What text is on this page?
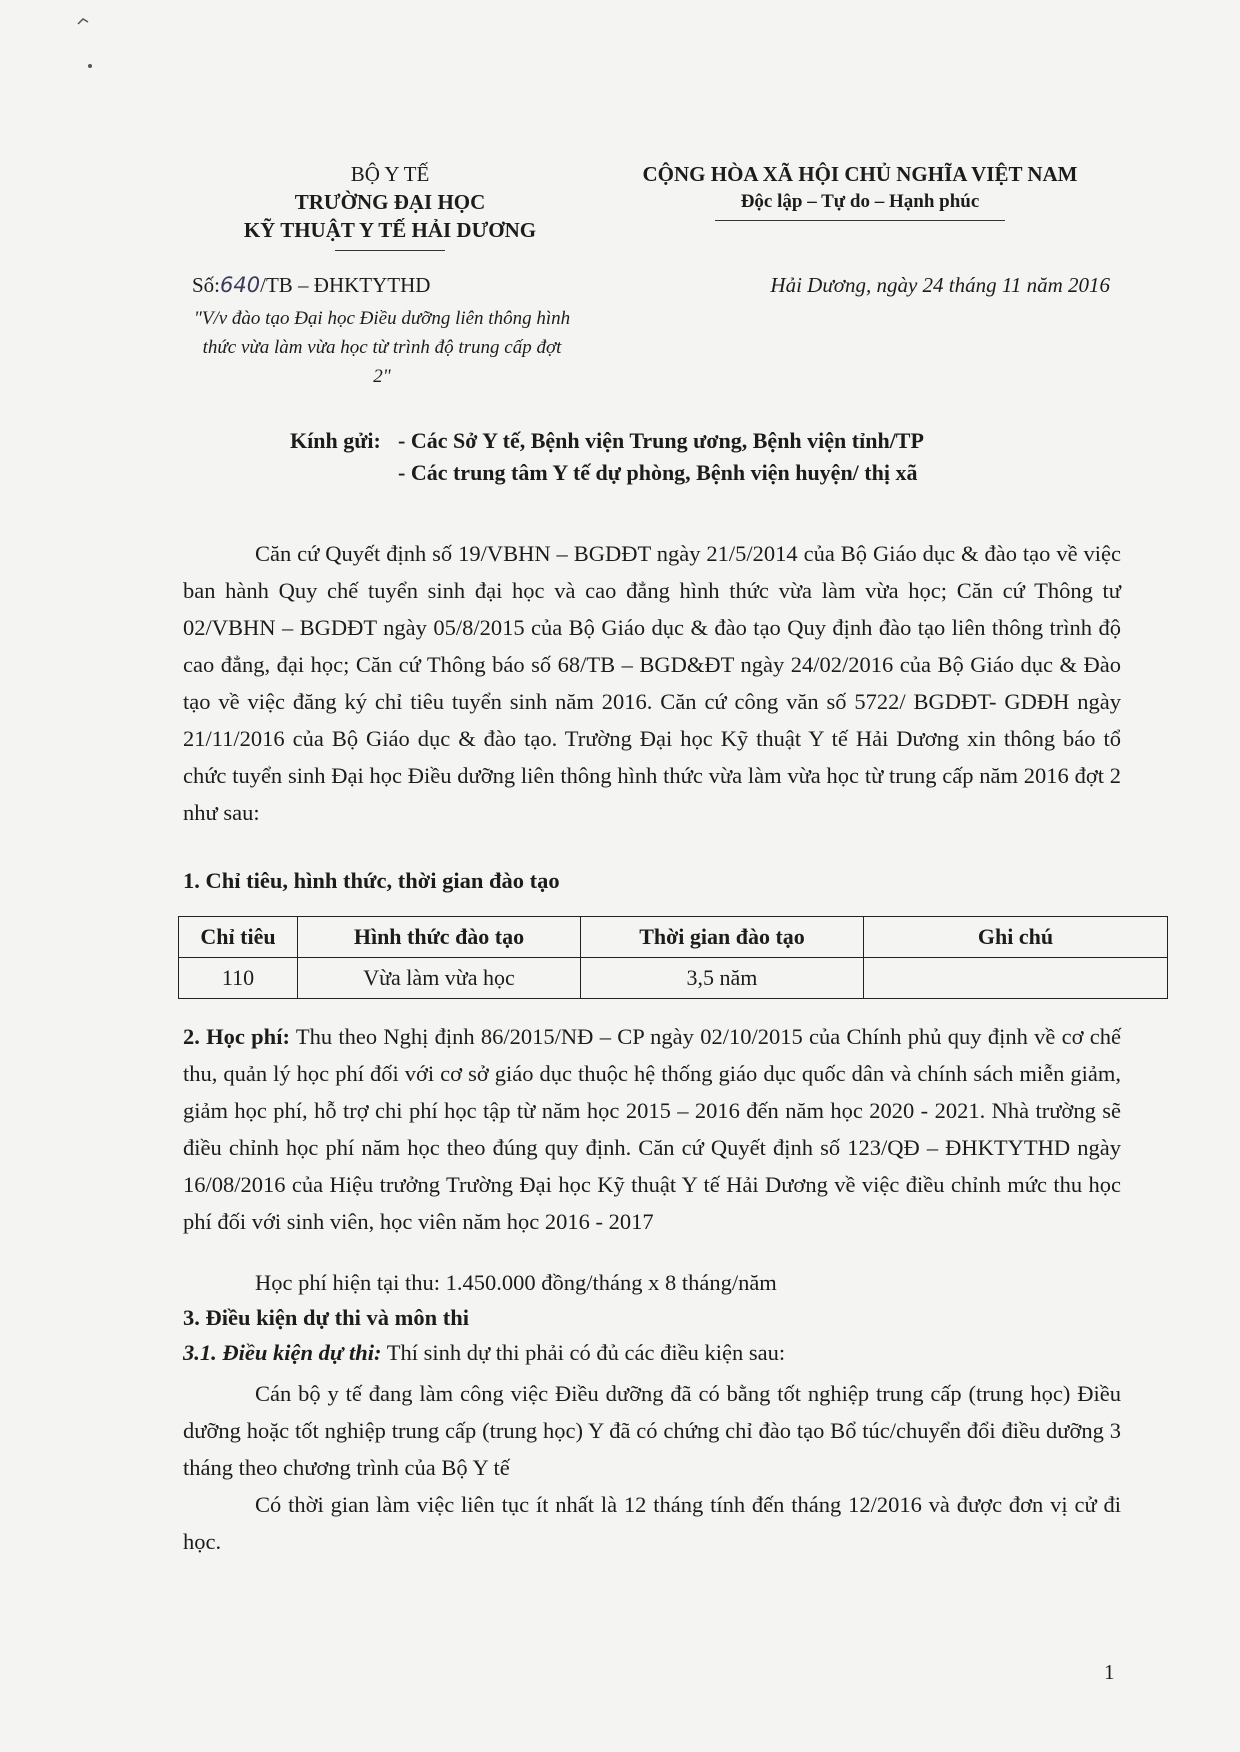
BỘ Y TẾ
TRƯỜNG ĐẠI HỌC
KỸ THUẬT Y TẾ HẢI DƯƠNG
CỘNG HÒA XÃ HỘI CHỦ NGHĨA VIỆT NAM
Độc lập – Tự do – Hạnh phúc
Số:640/TB – ĐHKTYTHD
"V/v đào tạo Đại học Điều dưỡng liên thông hình thức vừa làm vừa học từ trình độ trung cấp đợt 2"
Hải Dương, ngày 24 tháng 11 năm 2016
Kính gửi: - Các Sở Y tế, Bệnh viện Trung ương, Bệnh viện tỉnh/TP
- Các trung tâm Y tế dự phòng, Bệnh viện huyện/ thị xã
Căn cứ Quyết định số 19/VBHN – BGDĐT ngày 21/5/2014 của Bộ Giáo dục & đào tạo về việc ban hành Quy chế tuyển sinh đại học và cao đẳng hình thức vừa làm vừa học; Căn cứ Thông tư 02/VBHN – BGDĐT ngày 05/8/2015 của Bộ Giáo dục & đào tạo Quy định đào tạo liên thông trình độ cao đẳng, đại học; Căn cứ Thông báo số 68/TB – BGD&ĐT ngày 24/02/2016 của Bộ Giáo dục & Đào tạo về việc đăng ký chỉ tiêu tuyển sinh năm 2016. Căn cứ công văn số 5722/ BGDĐT- GDĐH ngày 21/11/2016 của Bộ Giáo dục & đào tạo. Trường Đại học Kỹ thuật Y tế Hải Dương xin thông báo tổ chức tuyển sinh Đại học Điều dưỡng liên thông hình thức vừa làm vừa học từ trung cấp năm 2016 đợt 2 như sau:
1. Chỉ tiêu, hình thức, thời gian đào tạo
Chỉ tiêu	Hình thức đào tạo	Thời gian đào tạo	Ghi chú
110	Vừa làm vừa học	3,5 năm	
2. Học phí: Thu theo Nghị định 86/2015/NĐ – CP ngày 02/10/2015 của Chính phủ quy định về cơ chế thu, quản lý học phí đối với cơ sở giáo dục thuộc hệ thống giáo dục quốc dân và chính sách miễn giảm, giảm học phí, hỗ trợ chi phí học tập từ năm học 2015 – 2016 đến năm học 2020 - 2021. Nhà trường sẽ điều chỉnh học phí năm học theo đúng quy định. Căn cứ Quyết định số 123/QĐ – ĐHKTYTHD ngày 16/08/2016 của Hiệu trưởng Trường Đại học Kỹ thuật Y tế Hải Dương về việc điều chỉnh mức thu học phí đối với sinh viên, học viên năm học 2016 - 2017
Học phí hiện tại thu: 1.450.000 đồng/tháng x 8 tháng/năm
3. Điều kiện dự thi và môn thi
3.1. Điều kiện dự thi: Thí sinh dự thi phải có đủ các điều kiện sau:
Cán bộ y tế đang làm công việc Điều dưỡng đã có bằng tốt nghiệp trung cấp (trung học) Điều dưỡng hoặc tốt nghiệp trung cấp (trung học) Y đã có chứng chỉ đào tạo Bổ túc/chuyển đổi điều dưỡng 3 tháng theo chương trình của Bộ Y tế
Có thời gian làm việc liên tục ít nhất là 12 tháng tính đến tháng 12/2016 và được đơn vị cử đi học.
1
